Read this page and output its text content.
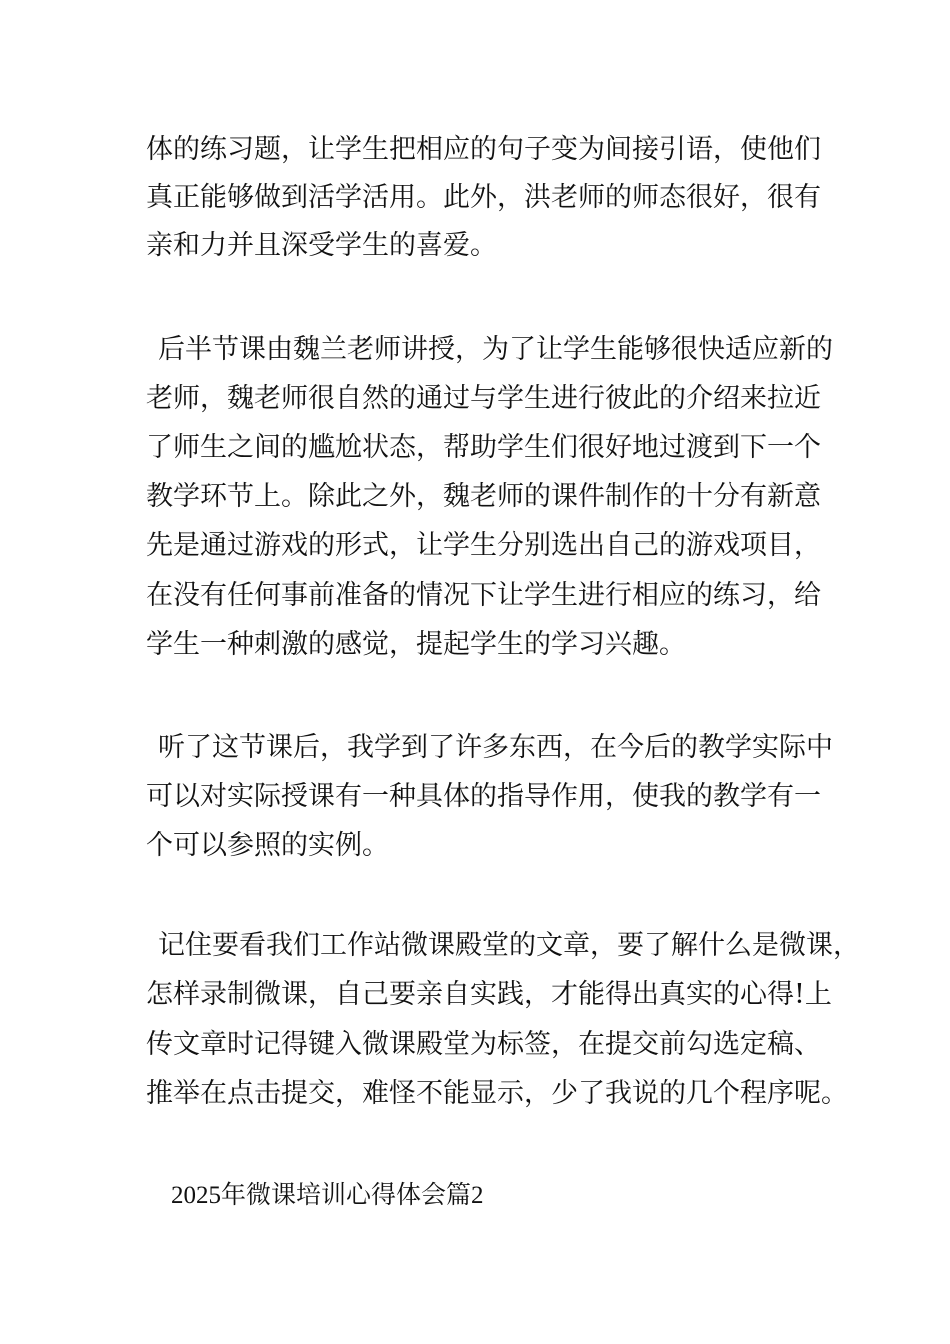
体的练习题，让学生把相应的句子变为间接引语，使他们
真正能够做到活学活用。此外，洪老师的师态很好，很有
亲和力并且深受学生的喜爱。
后半节课由魏兰老师讲授，为了让学生能够很快适应新的
老师，魏老师很自然的通过与学生进行彼此的介绍来拉近
了师生之间的尴尬状态，帮助学生们很好地过渡到下一个
教学环节上。除此之外，魏老师的课件制作的十分有新意
先是通过游戏的形式，让学生分别选出自己的游戏项目，
在没有任何事前准备的情况下让学生进行相应的练习，给
学生一种刺激的感觉，提起学生的学习兴趣。
听了这节课后，我学到了许多东西，在今后的教学实际中
可以对实际授课有一种具体的指导作用，使我的教学有一
个可以参照的实例。
记住要看我们工作站微课殿堂的文章，要了解什么是微课，
怎样录制微课，自己要亲自实践，才能得出真实的心得!上
传文章时记得键入微课殿堂为标签，在提交前勾选定稿、
推举在点击提交，难怪不能显示，少了我说的几个程序呢。
2025年微课培训心得体会篇2
